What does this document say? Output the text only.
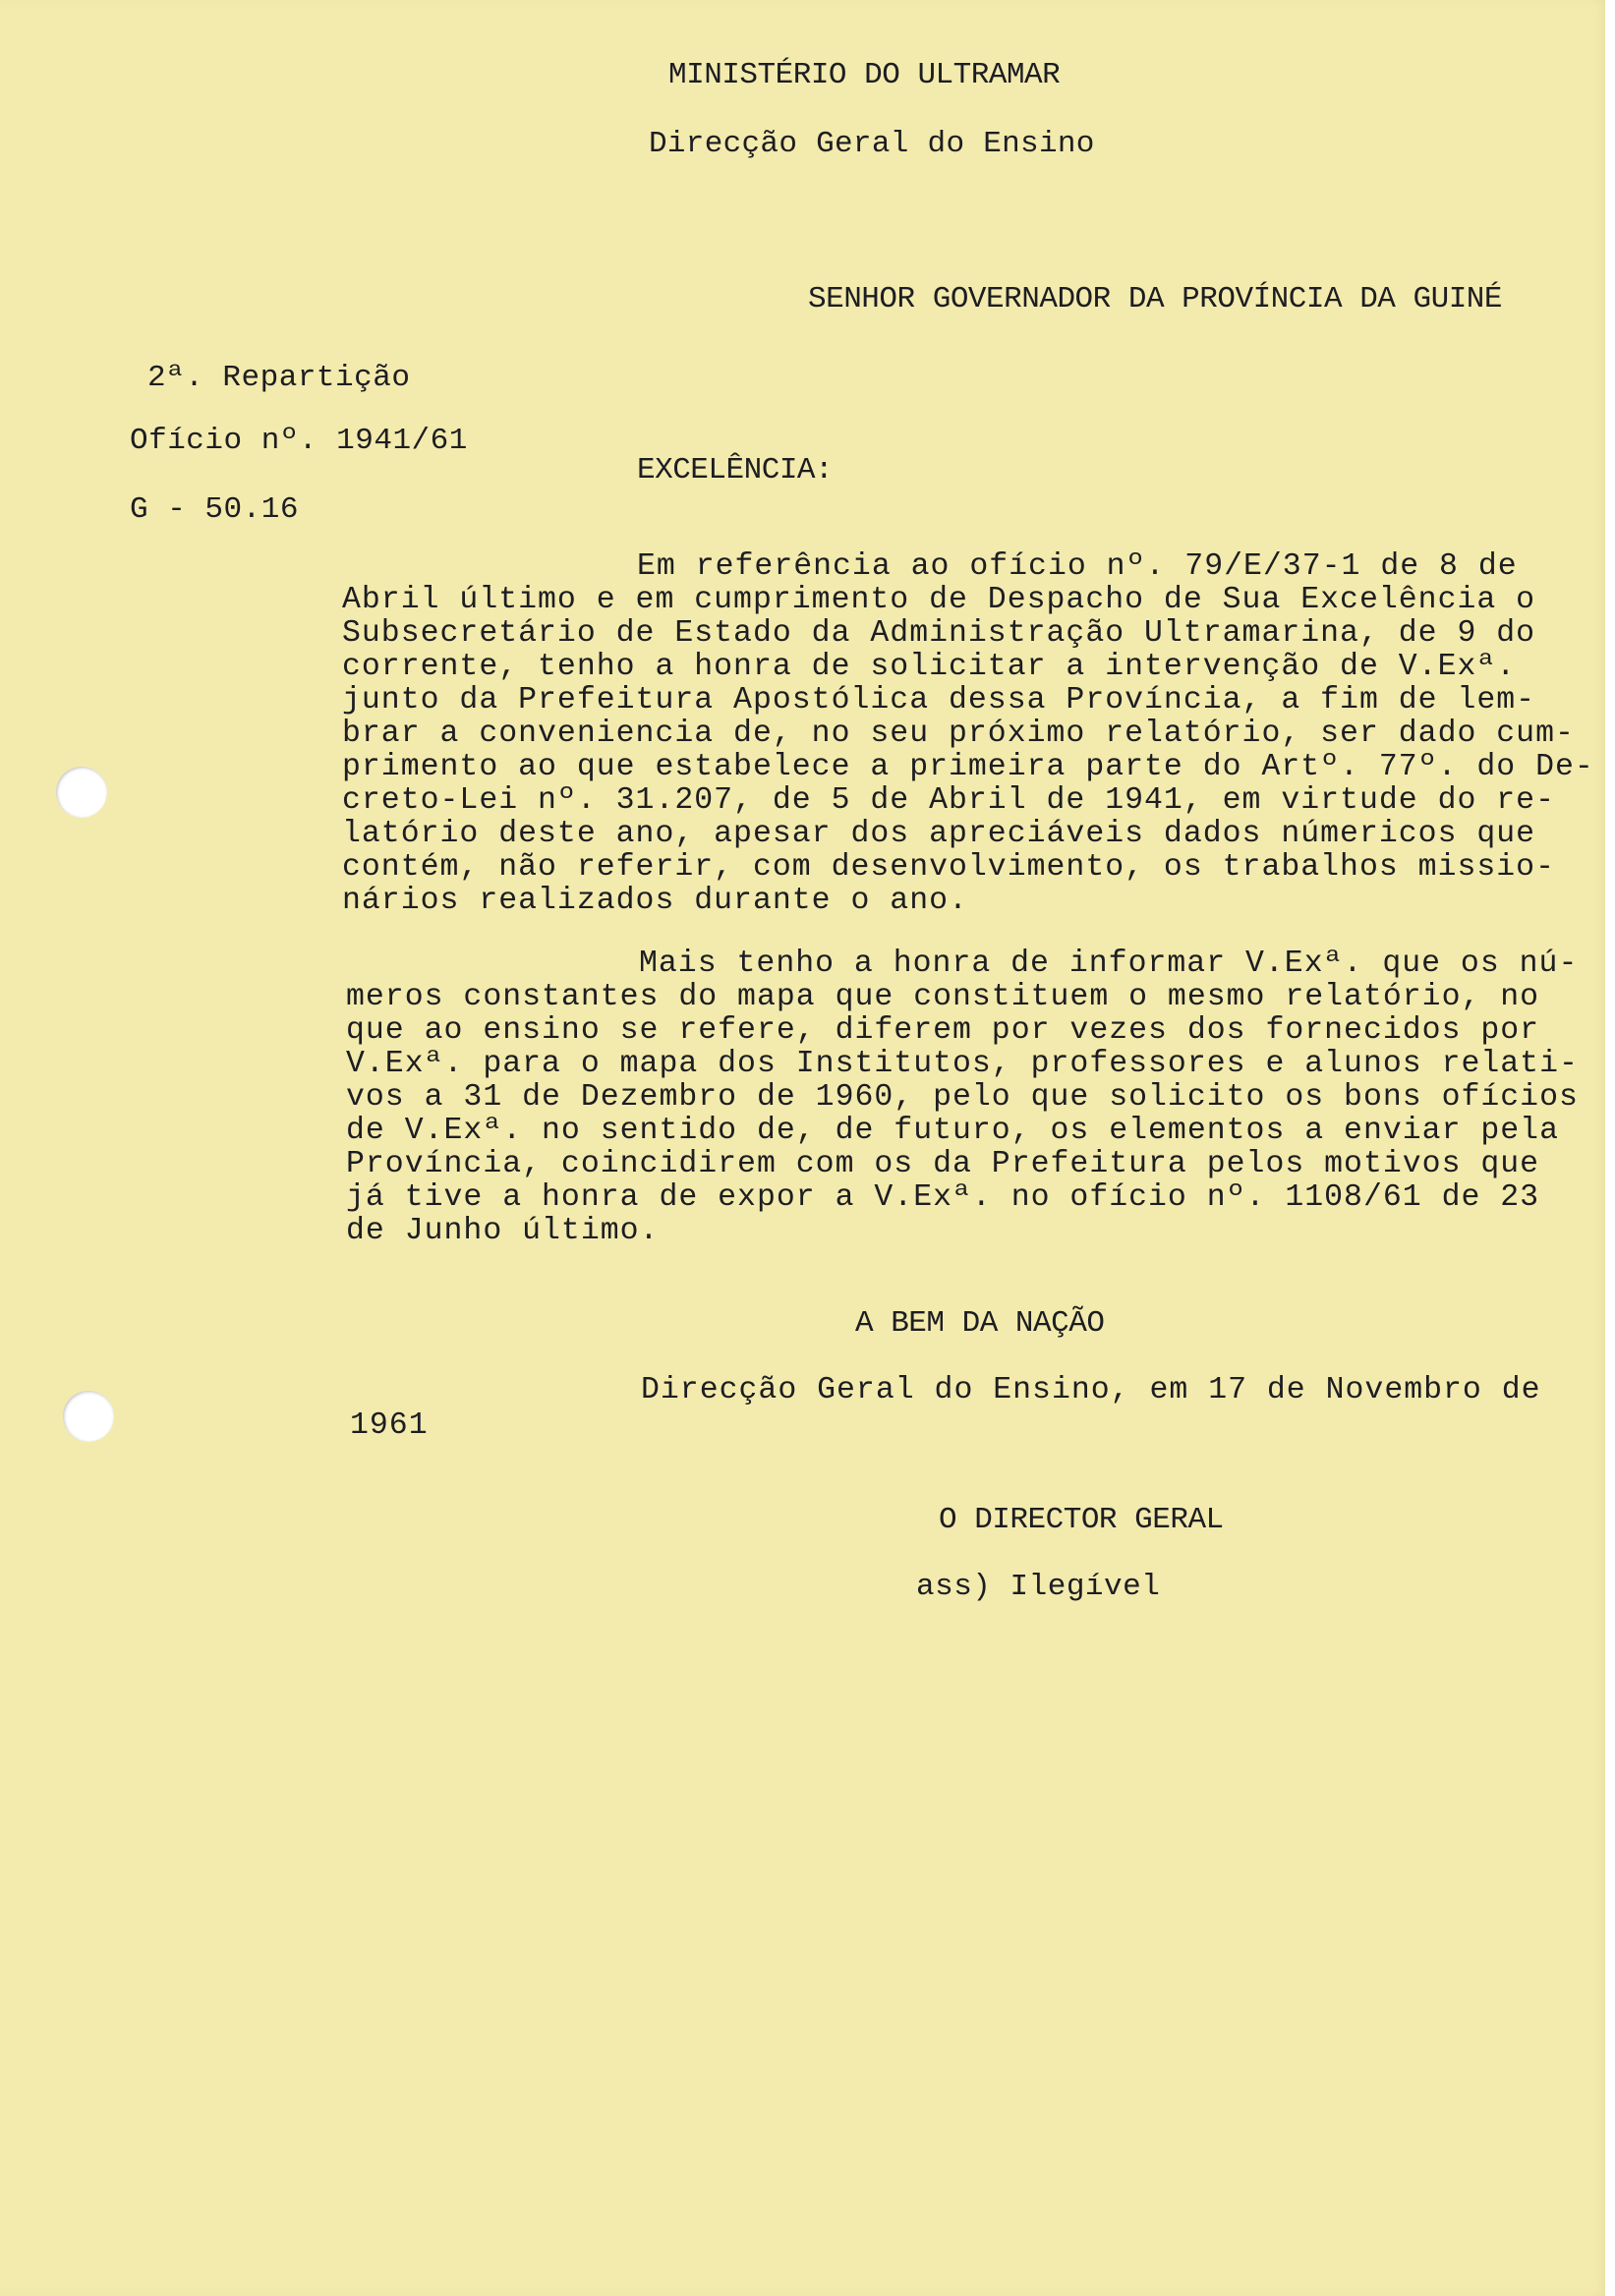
MINISTÉRIO DO ULTRAMAR
Direcção Geral do Ensino
SENHOR GOVERNADOR DA PROVÍNCIA DA GUINÉ
2ª. Repartição
Ofício nº. 1941/61
G - 50.16
EXCELÊNCIA:
Em referência ao ofício nº. 79/E/37-1 de 8 de
Abril último e em cumprimento de Despacho de Sua Excelência o
Subsecretário de Estado da Administração Ultramarina, de 9 do
corrente, tenho a honra de solicitar a intervenção de V.Exª.
junto da Prefeitura Apostólica dessa Província, a fim de lem-
brar a conveniencia de, no seu próximo relatório, ser dado cum-
primento ao que estabelece a primeira parte do Artº. 77º. do De-
creto-Lei nº. 31.207, de 5 de Abril de 1941, em virtude do re-
latório deste ano, apesar dos apreciáveis dados númericos que
contém, não referir, com desenvolvimento, os trabalhos missio-
nários realizados durante o ano.
Mais tenho a honra de informar V.Exª. que os nú-
meros constantes do mapa que constituem o mesmo relatório, no
que ao ensino se refere, diferem por vezes dos fornecidos por
V.Exª. para o mapa dos Institutos, professores e alunos relati-
vos a 31 de Dezembro de 1960, pelo que solicito os bons ofícios
de V.Exª. no sentido de, de futuro, os elementos a enviar pela
Província, coincidirem com os da Prefeitura pelos motivos que
já tive a honra de expor a V.Exª. no ofício nº. 1108/61 de 23
de Junho último.
A BEM DA NAÇÃO
Direcção Geral do Ensino, em 17 de Novembro de
1961
O DIRECTOR GERAL
ass) Ilegível
